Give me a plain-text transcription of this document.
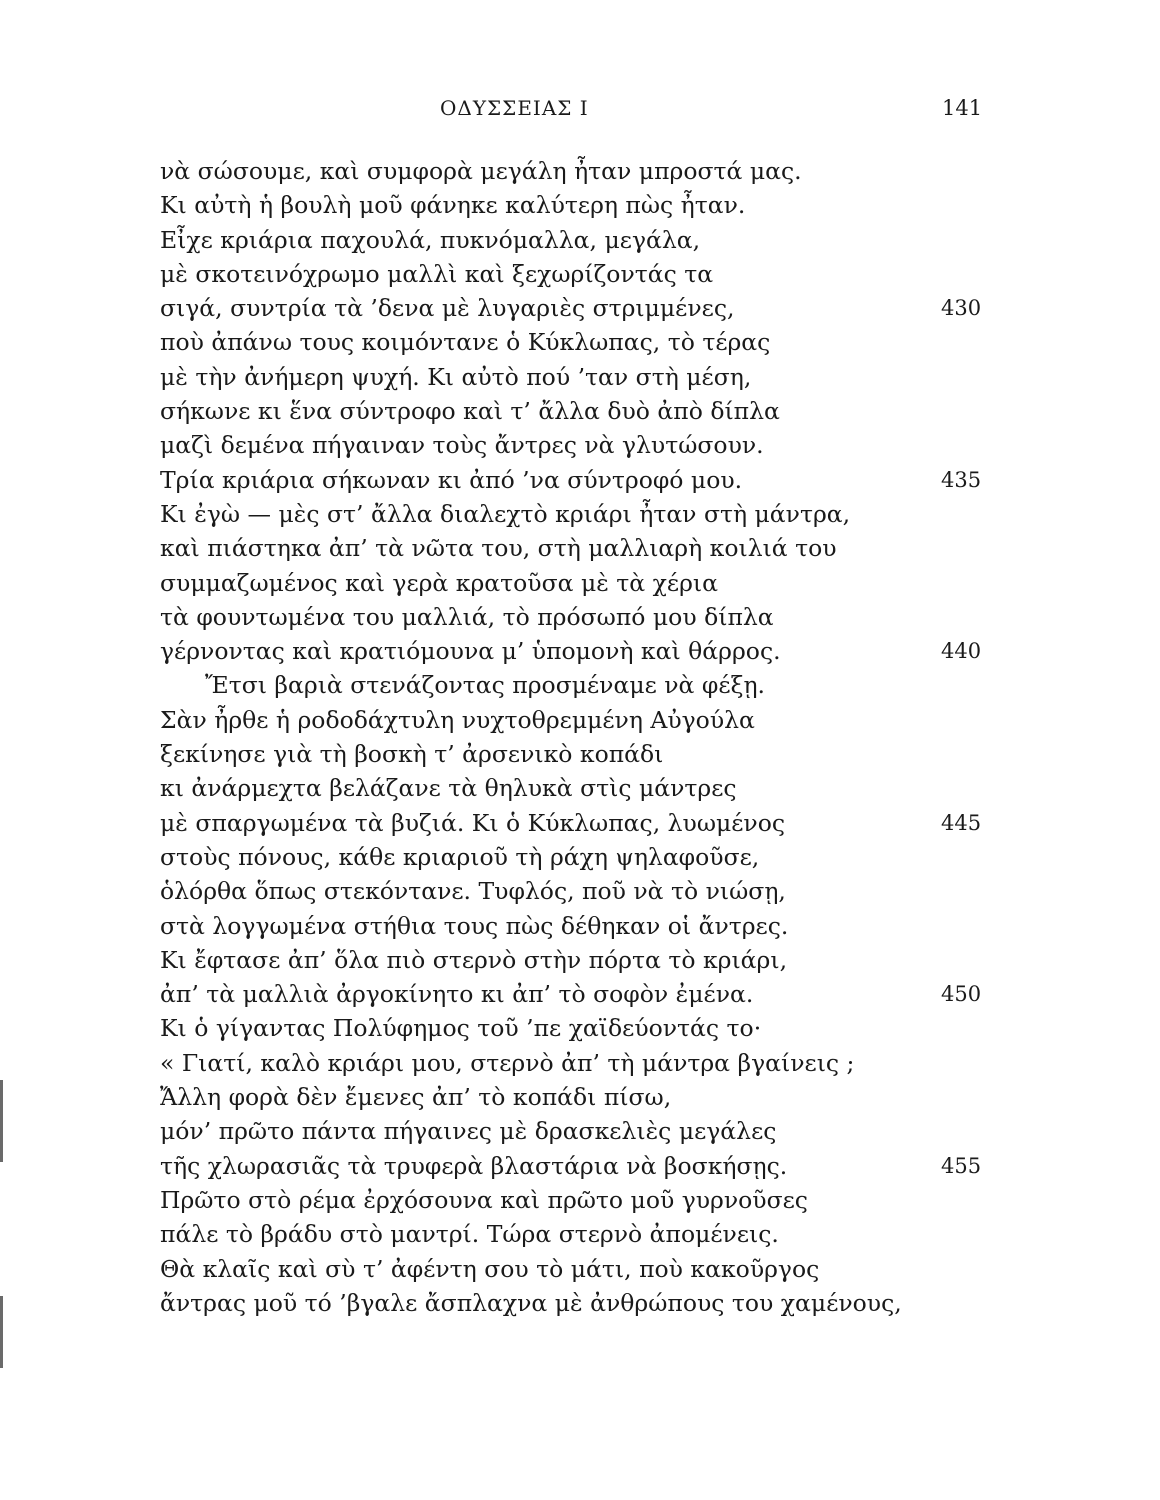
ΟΔΥΣΣΕΙΑΣ Ι	141
νὰ σώσουμε, καὶ συμφορὰ μεγάλη ἦταν μπροστά μας.
Κι αὐτὴ ἡ βουλὴ μοῦ φάνηκε καλύτερη πὼς ἦταν.
Εἶχε κριάρια παχουλά, πυκνόμαλλα, μεγάλα,
μὲ σκοτεινόχρωμο μαλλὶ καὶ ξεχωρίζοντάς τα
σιγά, συντρία τὰ ’δενα μὲ λυγαριὲς στριμμένες,	430
ποὺ ἀπάνω τους κοιμόντανε ὁ Κύκλωπας, τὸ τέρας
μὲ τὴν ἀνήμερη ψυχή. Κι αὐτὸ πού ’ταν στὴ μέση,
σήκωνε κι ἕνα σύντροφο καὶ τ’ ἄλλα δυὸ ἀπὸ δίπλα
μαζὶ δεμένα πήγαιναν τοὺς ἄντρες νὰ γλυτώσουν.
Τρία κριάρια σήκωναν κι ἀπό ’να σύντροφό μου.	435
Κι ἐγὼ — μὲς στ’ ἄλλα διαλεχτὸ κριάρι ἦταν στὴ μάντρα,
καὶ πιάστηκα ἀπ’ τὰ νῶτα του, στὴ μαλλιαρὴ κοιλιά του
συμμαζωμένος καὶ γερὰ κρατοῦσα μὲ τὰ χέρια
τὰ φουντωμένα του μαλλιά, τὸ πρόσωπό μου δίπλα
γέρνοντας καὶ κρατιόμουνα μ’ ὑπομονὴ καὶ θάρρος.	440
Ἔτσι βαριὰ στενάζοντας προσμέναμε νὰ φέξῃ.
Σὰν ἦρθε ἡ ροδοδάχτυλη νυχτοθρεμμένη Αὐγούλα
ξεκίνησε γιὰ τὴ βοσκὴ τ’ ἀρσενικὸ κοπάδι
κι ἀνάρμεχτα βελάζανε τὰ θηλυκὰ στὶς μάντρες
μὲ σπαργωμένα τὰ βυζιά. Κι ὁ Κύκλωπας, λυωμένος	445
στοὺς πόνους, κάθε κριαριοῦ τὴ ράχη ψηλαφοῦσε,
ὁλόρθα ὅπως στεκόντανε. Τυφλός, ποῦ νὰ τὸ νιώσῃ,
στὰ λογγωμένα στήθια τους πὼς δέθηκαν οἱ ἄντρες.
Κι ἔφτασε ἀπ’ ὅλα πιὸ στερνὸ στὴν πόρτα τὸ κριάρι,
ἀπ’ τὰ μαλλιὰ ἀργοκίνητο κι ἀπ’ τὸ σοφὸν ἐμένα.	450
Κι ὁ γίγαντας Πολύφημος τοῦ ’πε χαϊδεύοντάς το·
« Γιατί, καλὸ κριάρι μου, στερνὸ ἀπ’ τὴ μάντρα βγαίνεις ;
Ἄλλη φορὰ δὲν ἔμενες ἀπ’ τὸ κοπάδι πίσω,
μόν’ πρῶτο πάντα πήγαινες μὲ δρασκελιὲς μεγάλες
τῆς χλωρασιᾶς τὰ τρυφερὰ βλαστάρια νὰ βοσκήσῃς.	455
Πρῶτο στὸ ρέμα ἐρχόσουνα καὶ πρῶτο μοῦ γυρνοῦσες
πάλε τὸ βράδυ στὸ μαντρί. Τώρα στερνὸ ἀπομένεις.
Θὰ κλαῖς καὶ σὺ τ’ ἀφέντη σου τὸ μάτι, ποὺ κακοῦργος
ἄντρας μοῦ τό ’βγαλε ἄσπλαχνα μὲ ἀνθρώπους του χαμένους,
